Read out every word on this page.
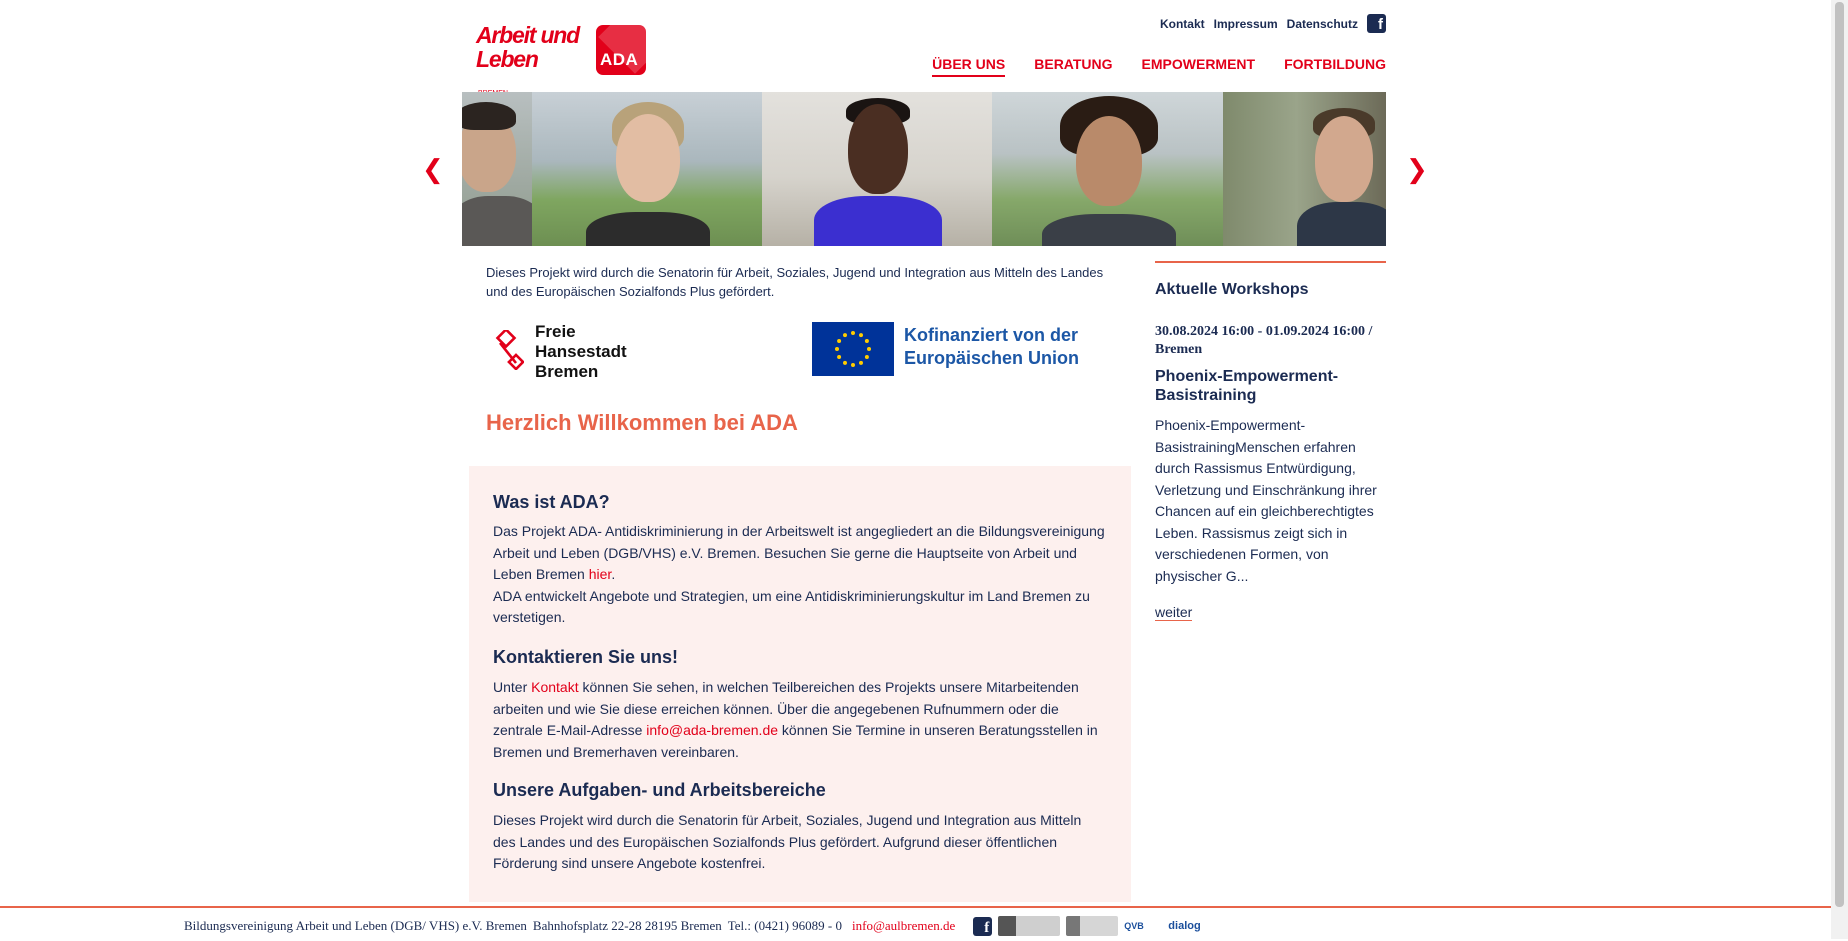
Arbeit und
Leben	ADA
Kontakt Impressum Datenschutz	f
ÜBER UNS BERATUNG EMPOWERMENT FORTBILDUNG
❮	❯
Dieses Projekt wird durch die Senatorin für Arbeit, Soziales, Jugend und Integration aus Mitteln des Landes und des Europäischen Sozialfonds Plus gefördert.
Freie
Hansestadt
Bremen
Kofinanziert von der
Europäischen Union
Herzlich Willkommen bei ADA
Was ist ADA?

Das Projekt ADA- Antidiskriminierung in der Arbeitswelt ist angegliedert an die Bildungsvereinigung Arbeit und Leben (DGB/VHS) e.V. Bremen. Besuchen Sie gerne die Hauptseite von Arbeit und Leben Bremen hier.
ADA entwickelt Angebote und Strategien, um eine Antidiskriminierungskultur im Land Bremen zu verstetigen.

Kontaktieren Sie uns!

Unter Kontakt können Sie sehen, in welchen Teilbereichen des Projekts unsere Mitarbeitenden arbeiten und wie Sie diese erreichen können. Über die angegebenen Rufnummern oder die zentrale E-Mail-Adresse info@ada-bremen.de können Sie Termine in unseren Beratungsstellen in Bremen und Bremerhaven vereinbaren.

Unsere Aufgaben- und Arbeitsbereiche

Dieses Projekt wird durch die Senatorin für Arbeit, Soziales, Jugend und Integration aus Mitteln des Landes und des Europäischen Sozialfonds Plus gefördert. Aufgrund dieser öffentlichen Förderung sind unsere Angebote kostenfrei.

Aktuelle Workshops
30.08.2024 16:00 - 01.09.2024 16:00 / Bremen
Phoenix-Empowerment-Basistraining
Phoenix-Empowerment-BasistrainingMenschen erfahren durch Rassismus Entwürdigung, Verletzung und Einschränkung ihrer Chancen auf ein gleichberechtigtes Leben. Rassismus zeigt sich in verschiedenen Formen, von physischer G...
weiter
Bildungsvereinigung Arbeit und Leben (DGB/ VHS) e.V. Bremen Bahnhofsplatz 22-28 28195 Bremen Tel.: (0421) 96089 - 0 info@aulbremen.de	f	QVB	dialog
